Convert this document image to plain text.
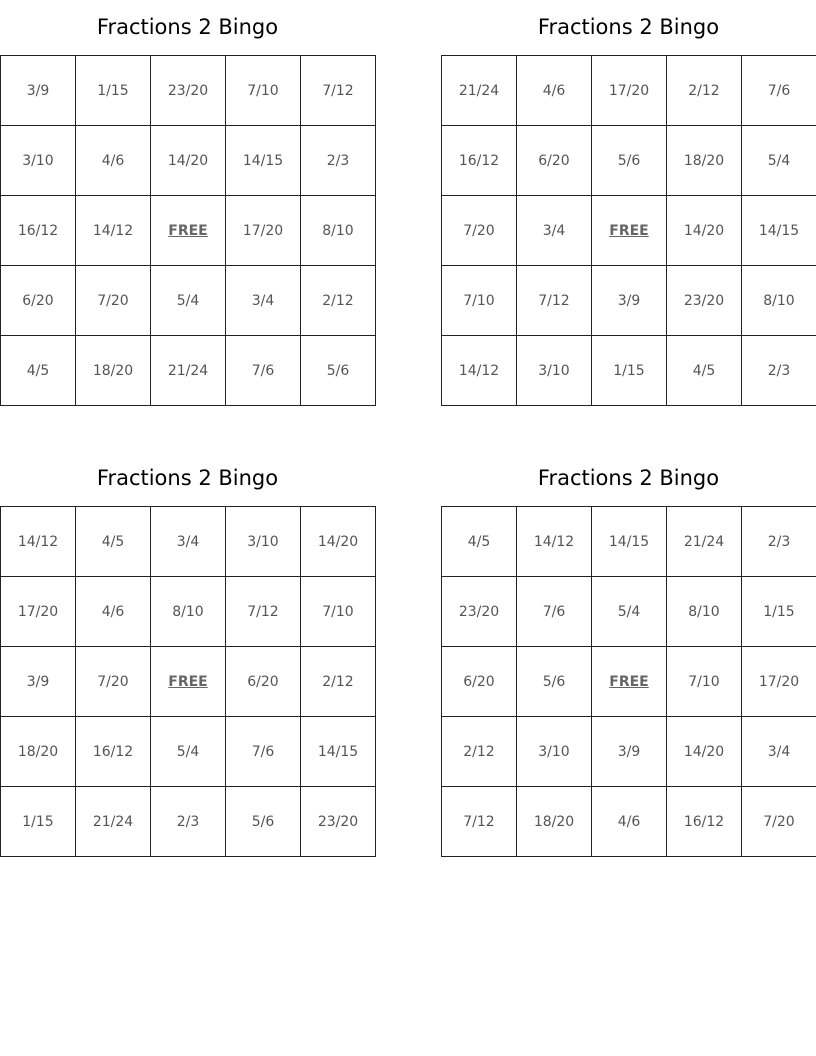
Fractions 2 Bingo
3/9	1/15	23/20	7/10	7/12
3/10	4/6	14/20	14/15	2/3
16/12	14/12	FREE	17/20	8/10
6/20	7/20	5/4	3/4	2/12
4/5	18/20	21/24	7/6	5/6
Fractions 2 Bingo
21/24	4/6	17/20	2/12	7/6
16/12	6/20	5/6	18/20	5/4
7/20	3/4	FREE	14/20	14/15
7/10	7/12	3/9	23/20	8/10
14/12	3/10	1/15	4/5	2/3
Fractions 2 Bingo
14/12	4/5	3/4	3/10	14/20
17/20	4/6	8/10	7/12	7/10
3/9	7/20	FREE	6/20	2/12
18/20	16/12	5/4	7/6	14/15
1/15	21/24	2/3	5/6	23/20
Fractions 2 Bingo
4/5	14/12	14/15	21/24	2/3
23/20	7/6	5/4	8/10	1/15
6/20	5/6	FREE	7/10	17/20
2/12	3/10	3/9	14/20	3/4
7/12	18/20	4/6	16/12	7/20
